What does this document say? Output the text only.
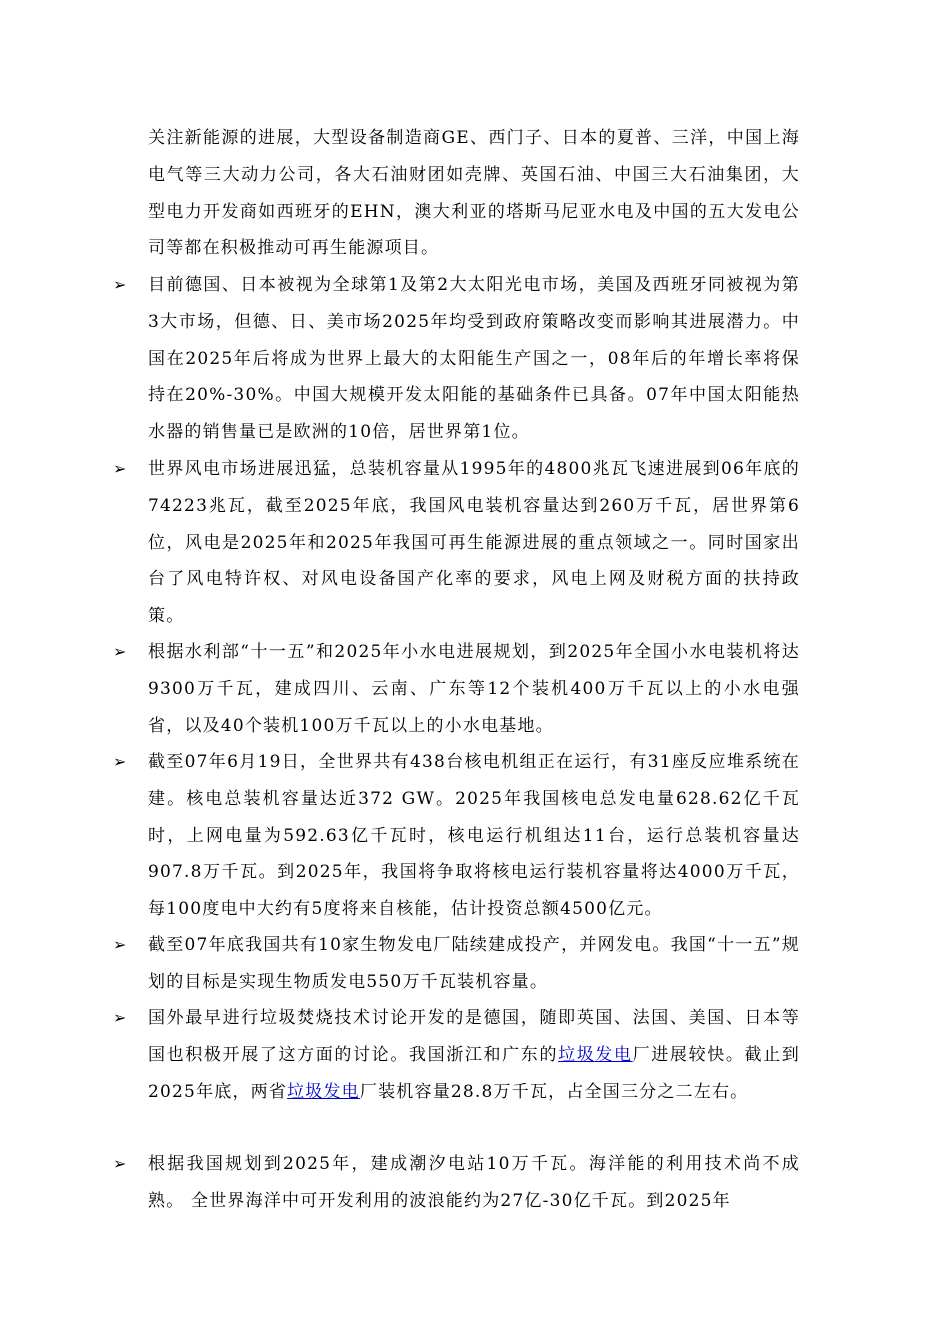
关注新能源的进展，大型设备制造商GE、西门子、日本的夏普、三洋，中国上海电气等三大动力公司，各大石油财团如壳牌、英国石油、中国三大石油集团，大型电力开发商如西班牙的EHN，澳大利亚的塔斯马尼亚水电及中国的五大发电公司等都在积极推动可再生能源项目。

➢	目前德国、日本被视为全球第1及第2大太阳光电市场，美国及西班牙同被视为第3大市场，但德、日、美市场2025年均受到政府策略改变而影响其进展潜力。中国在2025年后将成为世界上最大的太阳能生产国之一，08年后的年增长率将保持在20%-30%。中国大规模开发太阳能的基础条件已具备。07年中国太阳能热水器的销售量已是欧洲的10倍，居世界第1位。

➢	世界风电市场进展迅猛，总装机容量从1995年的4800兆瓦飞速进展到06年底的74223兆瓦，截至2025年底，我国风电装机容量达到260万千瓦，居世界第6位，风电是2025年和2025年我国可再生能源进展的重点领域之一。同时国家出台了风电特许权、对风电设备国产化率的要求，风电上网及财税方面的扶持政策。

➢	根据水利部“十一五”和2025年小水电进展规划，到2025年全国小水电装机将达9300万千瓦，建成四川、云南、广东等12个装机400万千瓦以上的小水电强省，以及40个装机100万千瓦以上的小水电基地。

➢	截至07年6月19日，全世界共有438台核电机组正在运行，有31座反应堆系统在建。核电总装机容量达近372 GW。2025年我国核电总发电量628.62亿千瓦时，上网电量为592.63亿千瓦时，核电运行机组达11台，运行总装机容量达907.8万千瓦。到2025年，我国将争取将核电运行装机容量将达4000万千瓦，每100度电中大约有5度将来自核能，估计投资总额4500亿元。

➢	截至07年底我国共有10家生物发电厂陆续建成投产，并网发电。我国“十一五”规划的目标是实现生物质发电550万千瓦装机容量。

➢	国外最早进行垃圾焚烧技术讨论开发的是德国，随即英国、法国、美国、日本等国也积极开展了这方面的讨论。我国浙江和广东的垃圾发电厂进展较快。截止到2025年底，两省垃圾发电厂装机容量28.8万千瓦，占全国三分之二左右。

➢	根据我国规划到2025年，建成潮汐电站10万千瓦。海洋能的利用技术尚不成熟。 全世界海洋中可开发利用的波浪能约为27亿-30亿千瓦。到2025年
